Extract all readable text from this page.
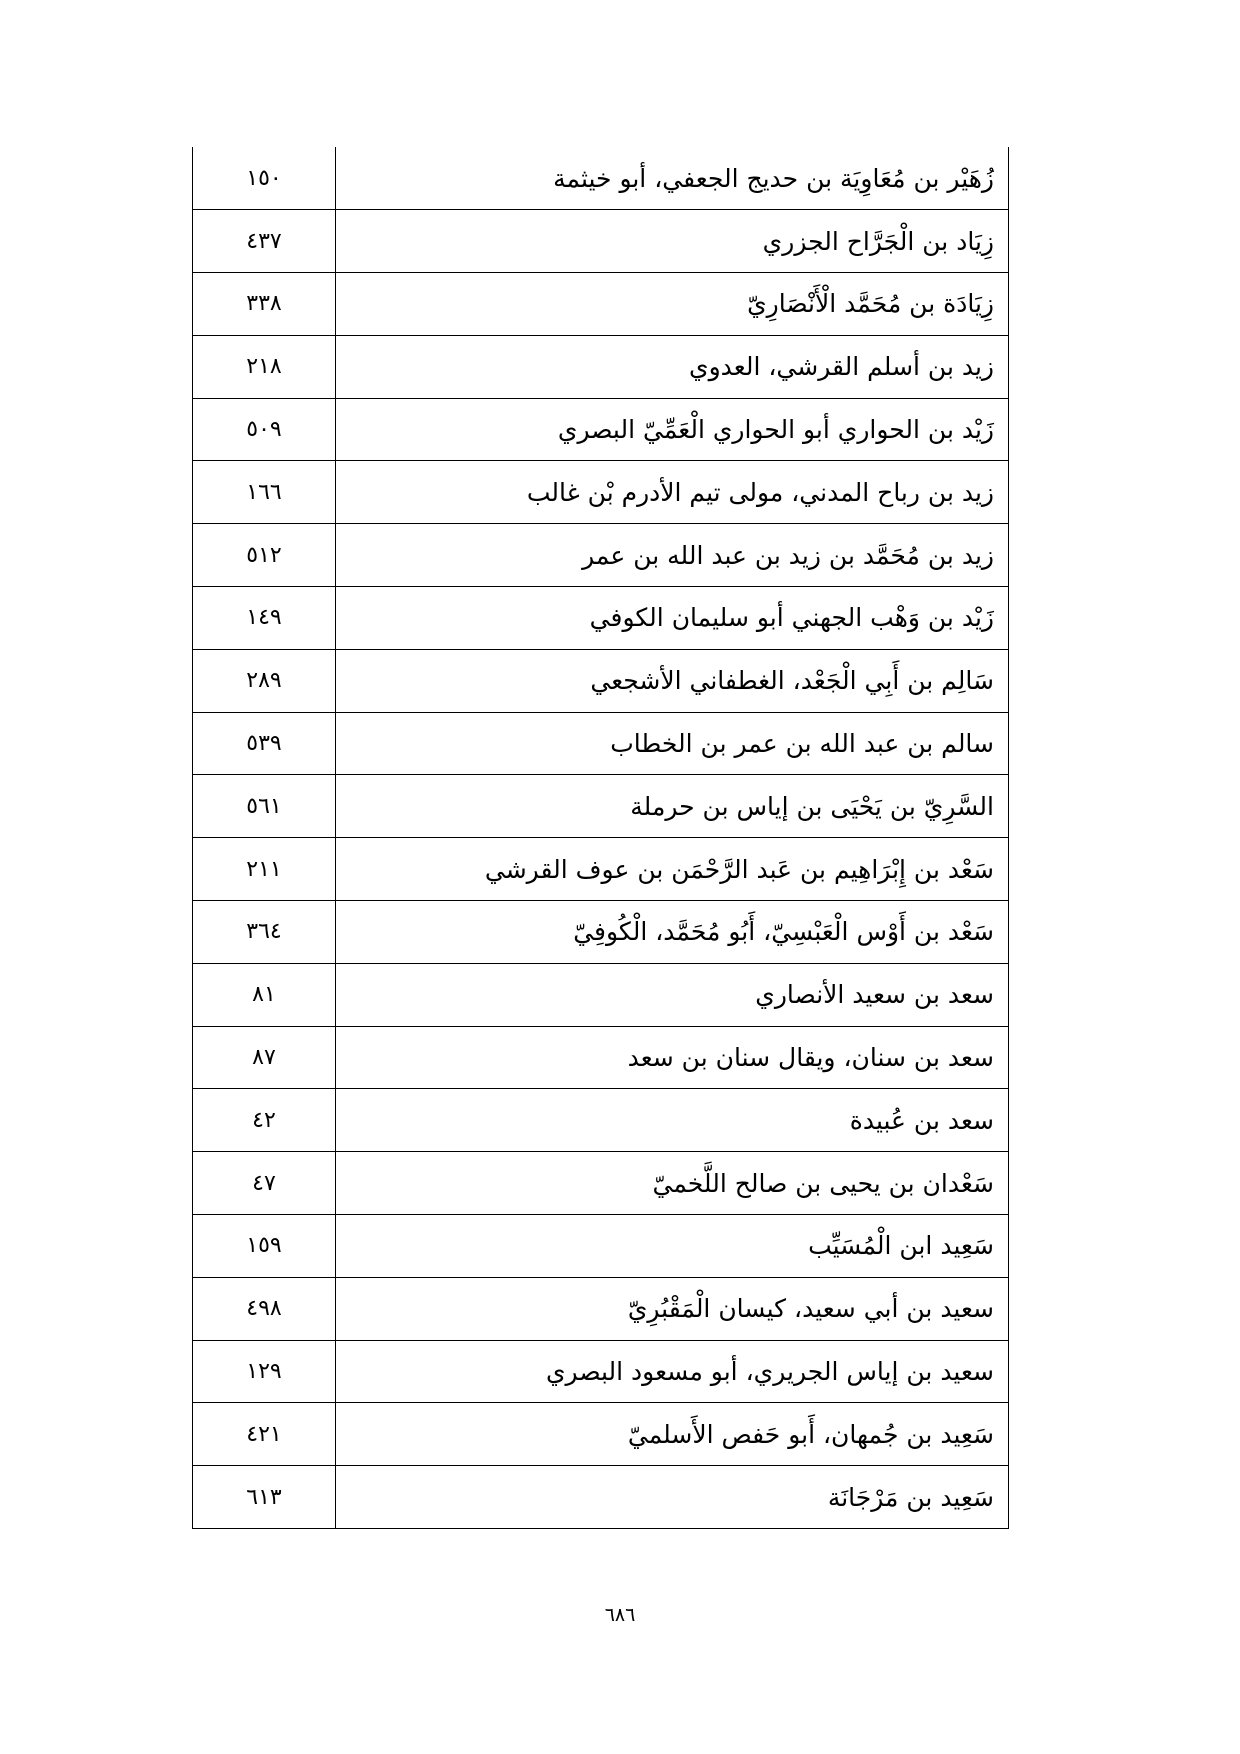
زُهَيْر بن مُعَاوِيَة بن حديج الجعفي، أبو خيثمة	١٥٠
زِيَاد بن الْجَرَّاح الجزري	٤٣٧
زِيَادَة بن مُحَمَّد الْأَنْصَارِيّ	٣٣٨
زيد بن أسلم القرشي، العدوي	٢١٨
زَيْد بن الحواري أبو الحواري الْعَمِّيّ البصري	٥٠٩
زيد بن رباح المدني، مولى تيم الأدرم بْن غالب	١٦٦
زيد بن مُحَمَّد بن زيد بن عبد الله بن عمر	٥١٢
زَيْد بن وَهْب الجهني أبو سليمان الكوفي	١٤٩
سَالِم بن أَبِي الْجَعْد، الغطفاني الأشجعي	٢٨٩
سالم بن عبد الله بن عمر بن الخطاب	٥٣٩
السَّرِيّ بن يَحْيَى بن إياس بن حرملة	٥٦١
سَعْد بن إِبْرَاهِيم بن عَبد الرَّحْمَن بن عوف القرشي	٢١١
سَعْد بن أَوْس الْعَبْسِيّ، أَبُو مُحَمَّد، الْكُوفِيّ	٣٦٤
سعد بن سعيد الأنصاري	٨١
سعد بن سنان، ويقال سنان بن سعد	٨٧
سعد بن عُبيدة	٤٢
سَعْدان بن يحيى بن صالح اللَّخميّ	٤٧
سَعِيد ابن الْمُسَيِّب	١٥٩
سعيد بن أبي سعيد، كيسان الْمَقْبُرِيّ	٤٩٨
سعيد بن إياس الجريري، أبو مسعود البصري	١٢٩
سَعِيد بن جُمهان، أَبو حَفص الأَسلميّ	٤٢١
سَعِيد بن مَرْجَانَة	٦١٣
٦٨٦
